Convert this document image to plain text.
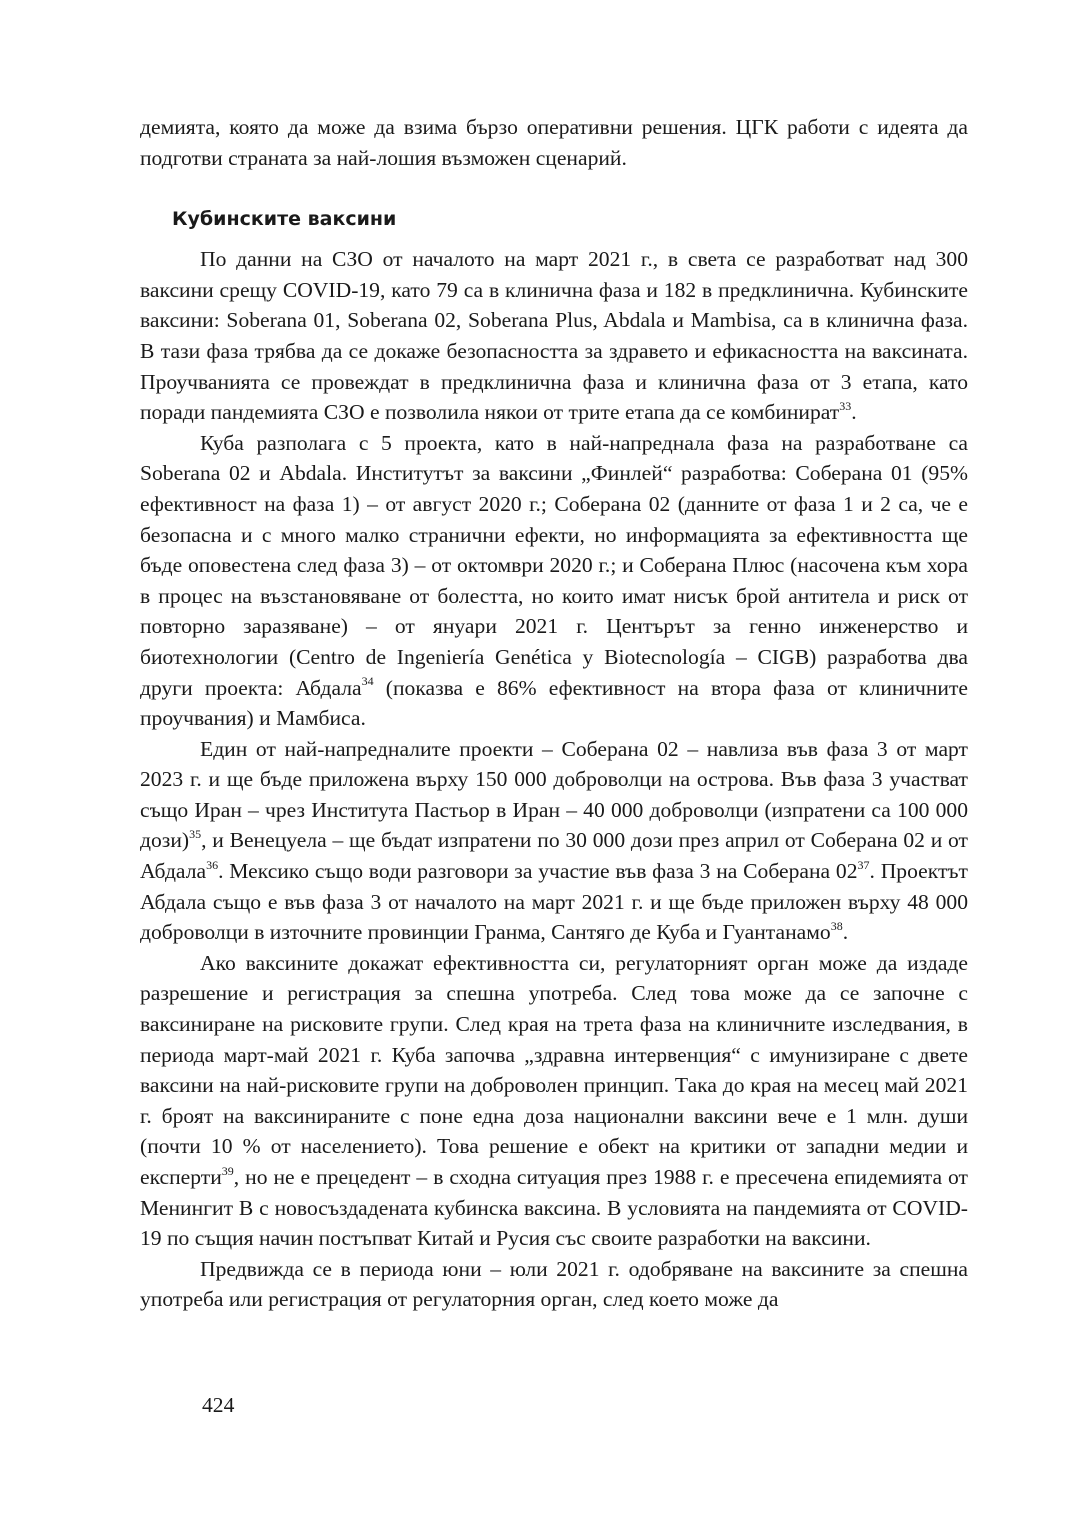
демията, която да може да взима бързо оперативни решения. ЦГК работи с идеята да подготви страната за най-лошия възможен сценарий.

Кубинските ваксини

По данни на СЗО от началото на март 2021 г., в света се разработват над 300 ваксини срещу COVID-19, като 79 са в клинична фаза и 182 в предклинична. Кубинските ваксини: Soberana 01, Soberana 02, Soberana Plus, Abdala и Mambisa, са в клинична фаза. В тази фаза трябва да се докаже безопасността за здравето и ефикасността на ваксината. Проучванията се провеждат в предклинична фаза и клинична фаза от 3 етапа, като поради пандемията СЗО е позволила някои от трите етапа да се комбинират$^{33}$.

Куба разполага с 5 проекта, като в най-напреднала фаза на разработване са Soberana 02 и Abdala. Институтът за ваксини „Финлей“ разработва: Соберана 01 (95% ефективност на фаза 1) – от август 2020 г.; Соберана 02 (данните от фаза 1 и 2 са, че е безопасна и с много малко странични ефекти, но информацията за ефективността ще бъде оповестена след фаза 3) – от октомври 2020 г.; и Соберана Плюс (насочена към хора в процес на възстановяване от болестта, но които имат нисък брой антитела и риск от повторно заразяване) – от януари 2021 г. Центърът за генно инженерство и биотехнологии (Centro de Ingeniería Genética y Biotecnología – CIGB) разработва два други проекта: Абдала$^{34}$ (показва е 86% ефективност на втора фаза от клиничните проучвания) и Мамбиса.

Един от най-напредналите проекти – Соберана 02 – навлиза във фаза 3 от март 2023 г. и ще бъде приложена върху 150 000 доброволци на острова. Във фаза 3 участват също Иран – чрез Института Пастьор в Иран – 40 000 доброволци (изпратени са 100 000 дози)$^{35}$, и Венецуела – ще бъдат изпратени по 30 000 дози през април от Соберана 02 и от Абдала$^{36}$. Мексико също води разговори за участие във фаза 3 на Соберана $02^{37}$. Проектът Абдала също е във фаза 3 от началото на март 2021 г. и ще бъде приложен върху 48 000 доброволци в източните провинции Гранма, Сантяго де Куба и Гуантанамо$^{38}$.

Ако ваксините докажат ефективността си, регулаторният орган може да издаде разрешение и регистрация за спешна употреба. След това може да се започне с ваксиниране на рисковите групи. След края на трета фаза на клиничните изследвания, в периода март-май 2021 г. Куба започва „здравна интервенция“ с имунизиране с двете ваксини на най-рисковите групи на доброволен принцип. Така до края на месец май 2021 г. броят на ваксинираните с поне една доза национални ваксини вече е 1 млн. души (почти 10 % от населението). Това решение е обект на критики от западни медии и експерти$^{39}$, но не е прецедент – в сходна ситуация през 1988 г. е пресечена епидемията от Менингит В с новосъздадената кубинска ваксина. В условията на пандемията от COVID-19 по същия начин постъпват Китай и Русия със своите разработки на ваксини.

Предвижда се в периода юни – юли 2021 г. одобряване на ваксините за спешна употреба или регистрация от регулаторния орган, след което може да

424
